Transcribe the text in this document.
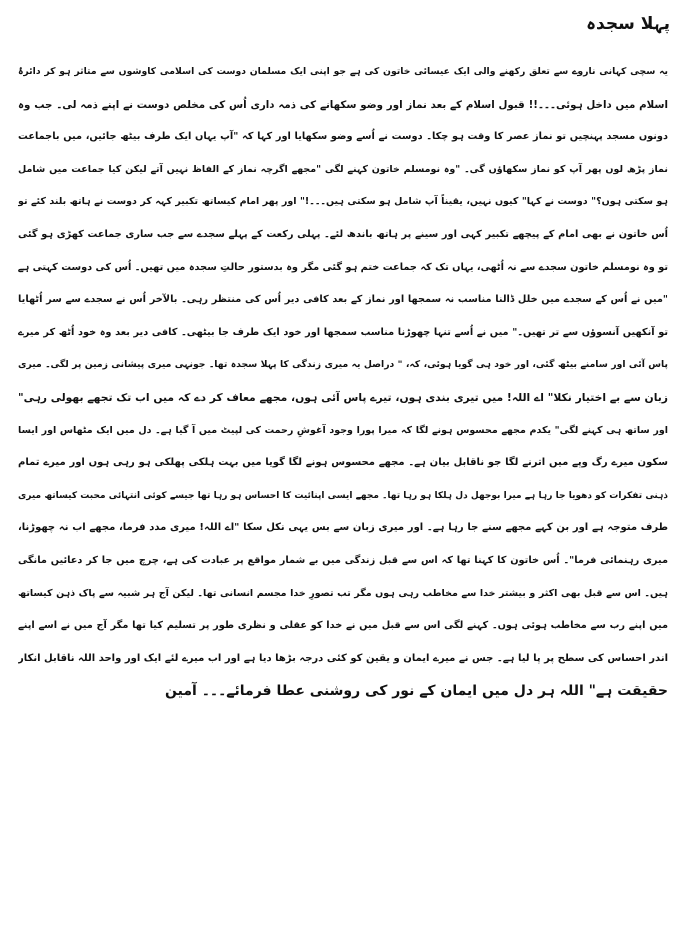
پہلا سجدہ
یہ سچی کہانی ناروے سے تعلق رکھنے والی ایک عیسائی خاتون کی ہے جو اپنی ایک مسلمان دوست کی اسلامی کاوشوں سے متاثر ہو کر دائرۂ
اسلام میں داخل ہوئی۔۔۔!! قبول اسلام کے بعد نماز اور وضو سکھانے کی ذمہ داری اُس کی مخلص دوست نے اپنے ذمہ لی۔ جب وہ
دونوں مسجد پہنچیں تو نماز عصر کا وقت ہو چکا۔ دوست نے اُسے وضو سکھایا اور کہا کہ "آپ یہاں ایک طرف بیٹھ جائیں، میں باجماعت
نماز پڑھ لوں پھر آپ کو نماز سکھاؤں گی۔ "وہ نومسلم خاتون کہنے لگی "مجھے اگرچہ نماز کے الفاظ نہیں آتے لیکن کیا جماعت میں شامل
ہو سکتی ہوں؟" دوست نے کہا" کیوں نہیں، یقیناً آپ شامل ہو سکتی ہیں۔۔۔!" اور پھر امام کیساتھ تکبیر کہہ کر دوست نے ہاتھ بلند کئے تو
اُس خاتون نے بھی امام کے پیچھے تکبیر کہی اور سینے پر ہاتھ باندھ لئے۔ پہلی رکعت کے پہلے سجدے سے جب ساری جماعت کھڑی ہو گئی
تو وہ نومسلم خاتون سجدے سے نہ اُٹھی، یہاں تک کہ جماعت ختم ہو گئی مگر وہ بدستور حالتِ سجدہ میں تھیں۔ اُس کی دوست کہتی ہے
"میں نے اُس کے سجدے میں خلل ڈالنا مناسب نہ سمجھا اور نماز کے بعد کافی دیر اُس کی منتظر رہی۔ بالآخر اُس نے سجدے سے سر اُٹھایا
تو آنکھیں آنسوؤں سے تر تھیں۔" میں نے اُسے تنہا چھوڑنا مناسب سمجھا اور خود ایک طرف جا بیٹھی۔ کافی دیر بعد وہ خود اُٹھ کر میرے
پاس آئی اور سامنے بیٹھ گئی، اور خود ہی گویا ہوئی، کہ، " دراصل یہ میری زندگی کا پہلا سجدہ تھا۔ جونہی میری پیشانی زمین پر لگی۔ میری
زبان سے بے اختیار نکلا" اے اللہ! میں تیری بندی ہوں، تیرے پاس آئی ہوں، مجھے معاف کر دے کہ میں اب تک تجھے بھولی رہی"
اور ساتھ ہی کہنے لگی" یکدم مجھے محسوس ہونے لگا کہ میرا پورا وجود آغوشِ رحمت کی لپیٹ میں آ گیا ہے۔ دل میں ایک مٹھاس اور ایسا
سکون میرے رگ وپے میں اترنے لگا جو ناقابل بیان ہے۔ مجھے محسوس ہونے لگا گویا میں بہت ہلکی پھلکی ہو رہی ہوں اور میرے تمام
ذہنی تفکرات کو دھویا جا رہا ہے میرا بوجھل دل ہلکا ہو رہا تھا۔ مجھے ایسی اپنائیت کا احساس ہو رہا تھا جیسے کوئی انتہائی محبت کیساتھ میری
طرف متوجہ ہے اور بن کہے مجھے سنے جا رہا ہے۔ اور میری زبان سے بس یہی نکل سکا "اے اللہ! میری مدد فرما، مجھے اب نہ چھوڑنا،
میری رہنمائی فرما"۔ اُس خاتون کا کہنا تھا کہ اس سے قبل زندگی میں بے شمار مواقع پر عبادت کی ہے، چرچ میں جا کر دعائیں مانگی
ہیں۔ اس سے قبل بھی اکثر و بیشتر خدا سے مخاطب رہی ہوں مگر تب تصورِ خدا مجسم انسانی تھا۔ لیکن آج ہر شبیہ سے پاک ذہن کیساتھ
میں اپنے رب سے مخاطب ہوئی ہوں۔ کہنے لگی اس سے قبل میں نے خدا کو عقلی و نظری طور پر تسلیم کیا تھا مگر آج میں نے اسے اپنے
اندر احساس کی سطح پر پا لیا ہے۔ جس نے میرے ایمان و یقین کو کئی درجہ بڑھا دیا ہے اور اب میرے لئے ایک اور واحد اللہ ناقابل انکار
حقیقت ہے" اللہ ہر دل میں ایمان کے نور کی روشنی عطا فرمائے۔۔۔ آمین
